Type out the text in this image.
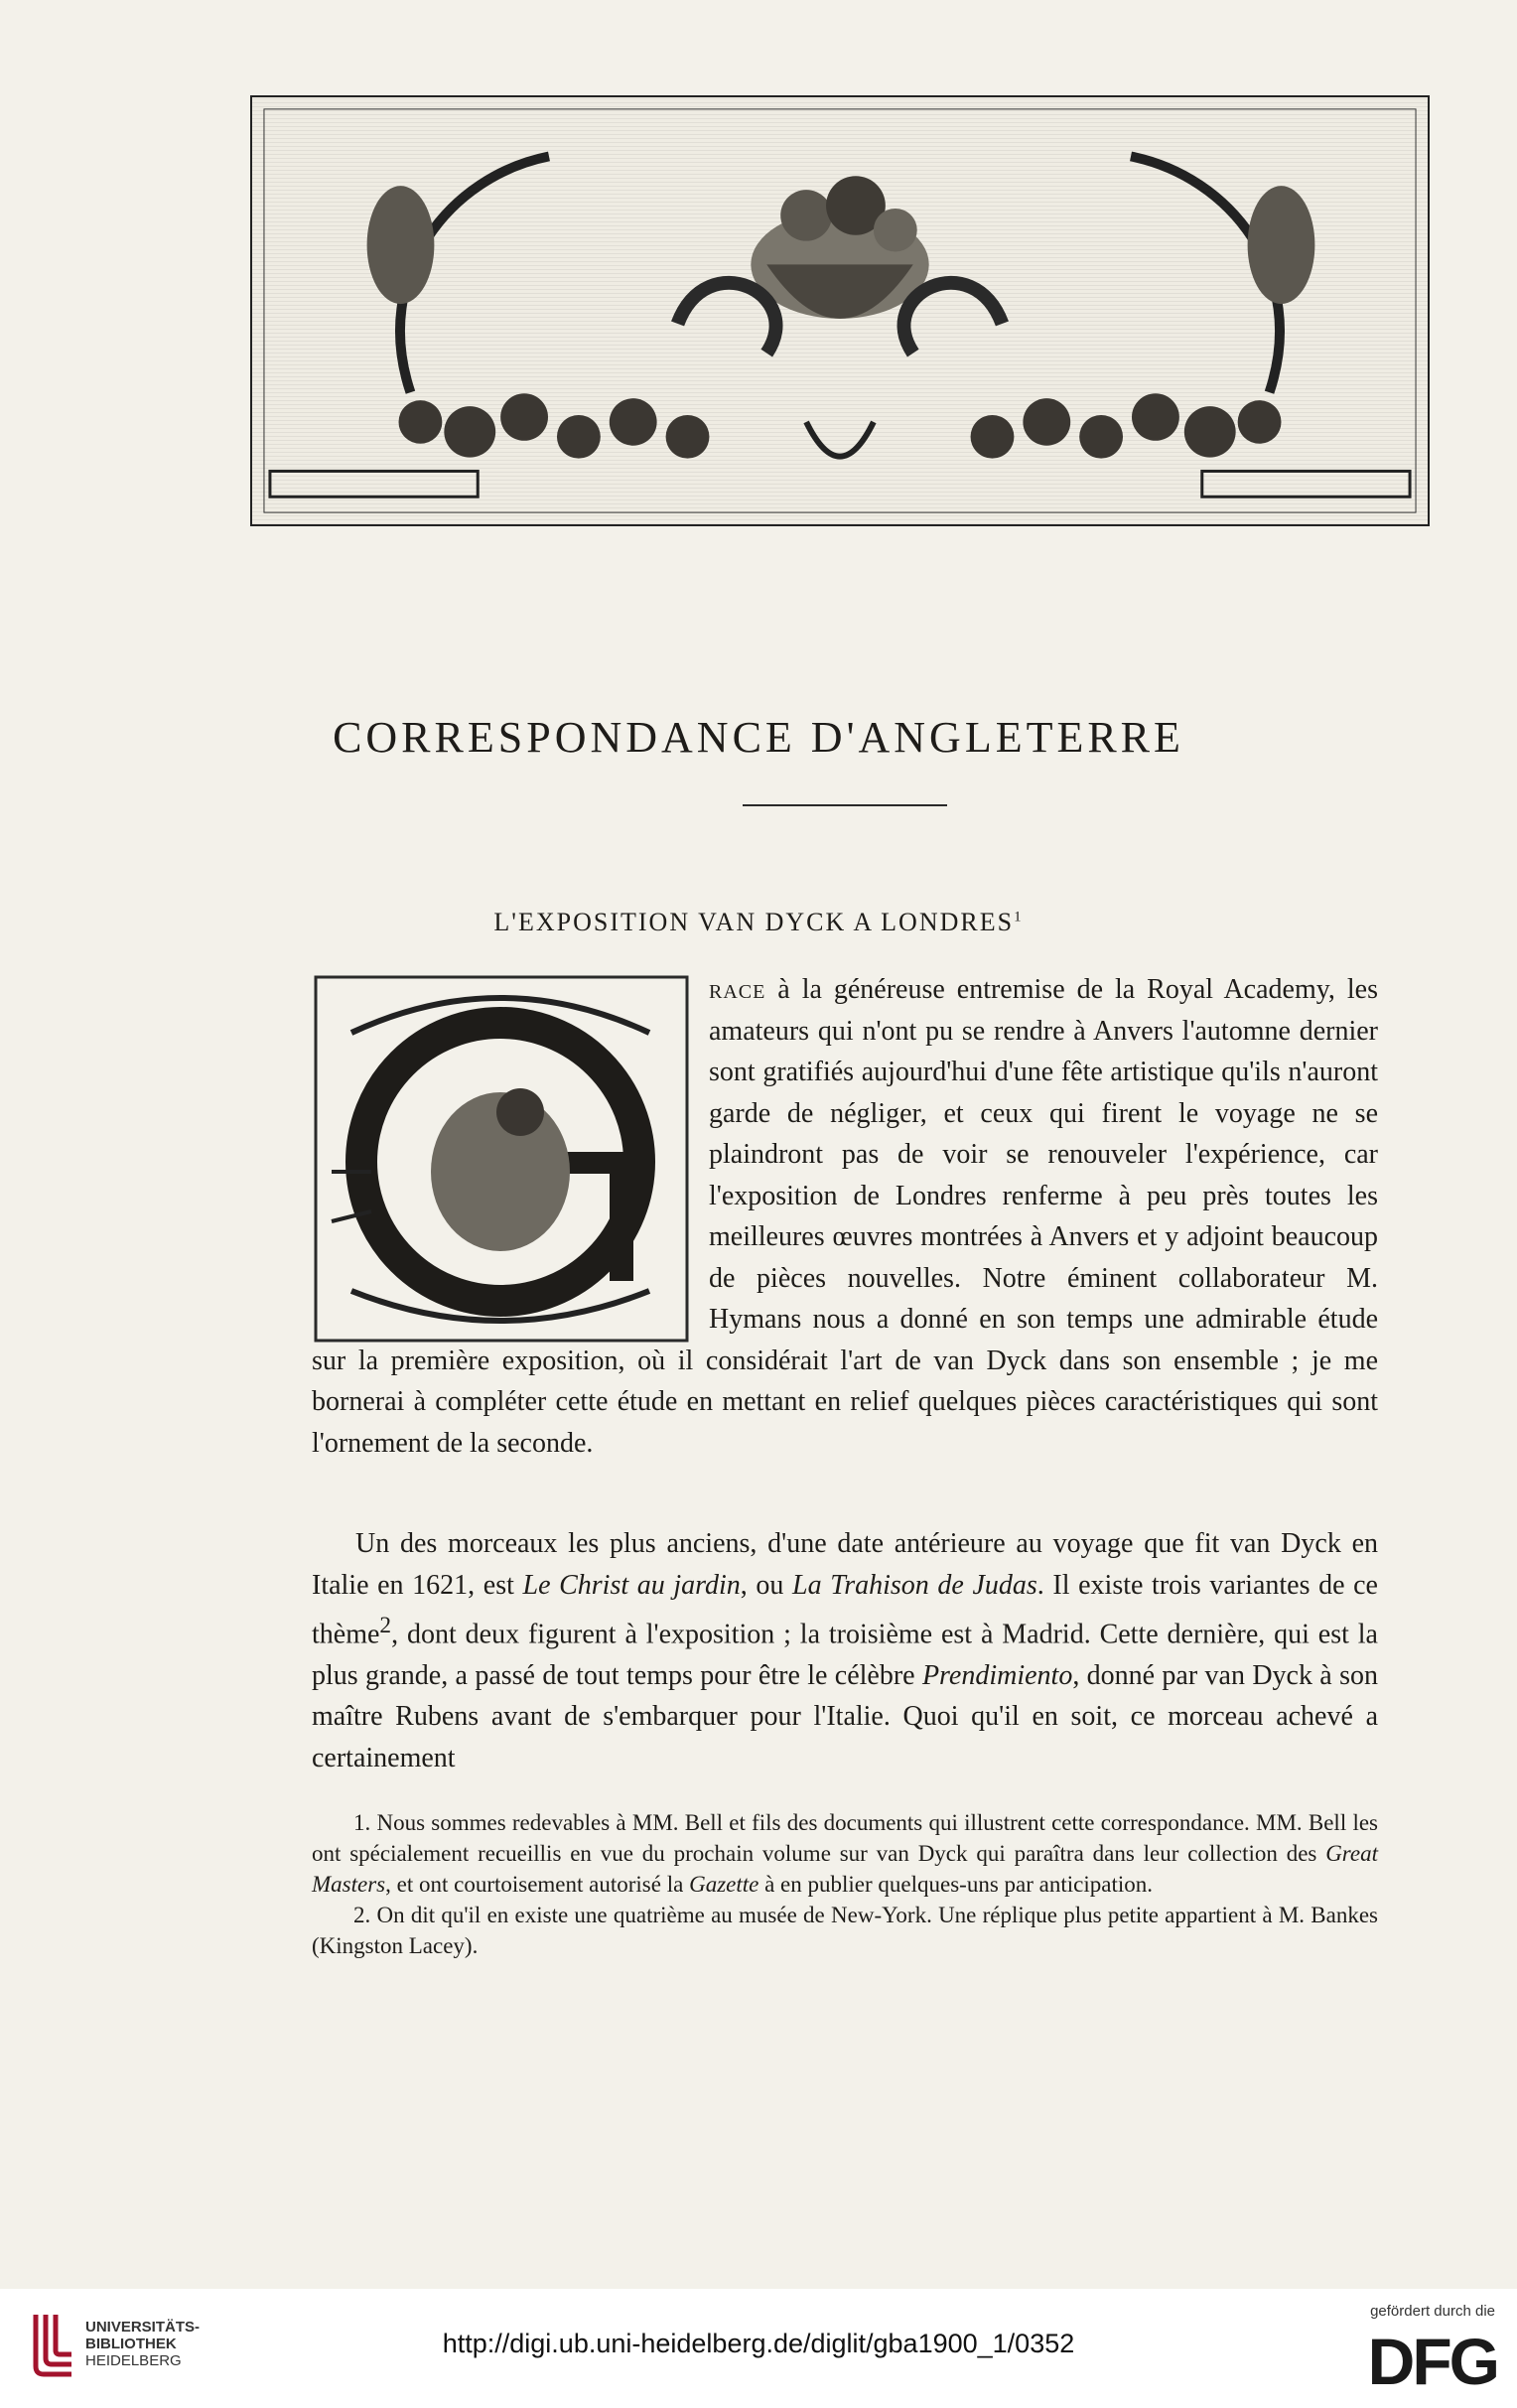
CORRESPONDANCE D'ANGLETERRE
L'EXPOSITION VAN DYCK A LONDRES$^1$

race à la généreuse entremise de la Royal Academy, les amateurs qui n'ont pu se rendre à Anvers l'automne dernier sont gratifiés aujourd'hui d'une fête artistique qu'ils n'auront garde de négliger, et ceux qui firent le voyage ne se plaindront pas de voir se renouveler l'expérience, car l'exposition de Londres renferme à peu près toutes les meilleures œuvres montrées à Anvers et y adjoint beaucoup de pièces nouvelles. Notre éminent collaborateur M. Hymans nous a donné en son temps une admirable étude sur la première exposition, où il considérait l'art de van Dyck dans son ensemble ; je me bornerai à compléter cette étude en mettant en relief quelques pièces caractéristiques qui sont l'ornement de la seconde.

Un des morceaux les plus anciens, d'une date antérieure au voyage que fit van Dyck en Italie en 1621, est Le Christ au jardin, ou La Trahison de Judas. Il existe trois variantes de ce thème$^2$, dont deux figurent à l'exposition ; la troisième est à Madrid. Cette dernière, qui est la plus grande, a passé de tout temps pour être le célèbre Prendimiento, donné par van Dyck à son maître Rubens avant de s'embarquer pour l'Italie. Quoi qu'il en soit, ce morceau achevé a certainement

1. Nous sommes redevables à MM. Bell et fils des documents qui illustrent cette correspondance. MM. Bell les ont spécialement recueillis en vue du prochain volume sur van Dyck qui paraîtra dans leur collection des Great Masters, et ont courtoisement autorisé la Gazette à en publier quelques-uns par anticipation.

2. On dit qu'il en existe une quatrième au musée de New-York. Une réplique plus petite appartient à M. Bankes (Kingston Lacey).

UNIVERSITÄTS-
BIBLIOTHEK
HEIDELBERG
http://digi.ub.uni-heidelberg.de/diglit/gba1900_1/0352
gefördert durch die
DFG
